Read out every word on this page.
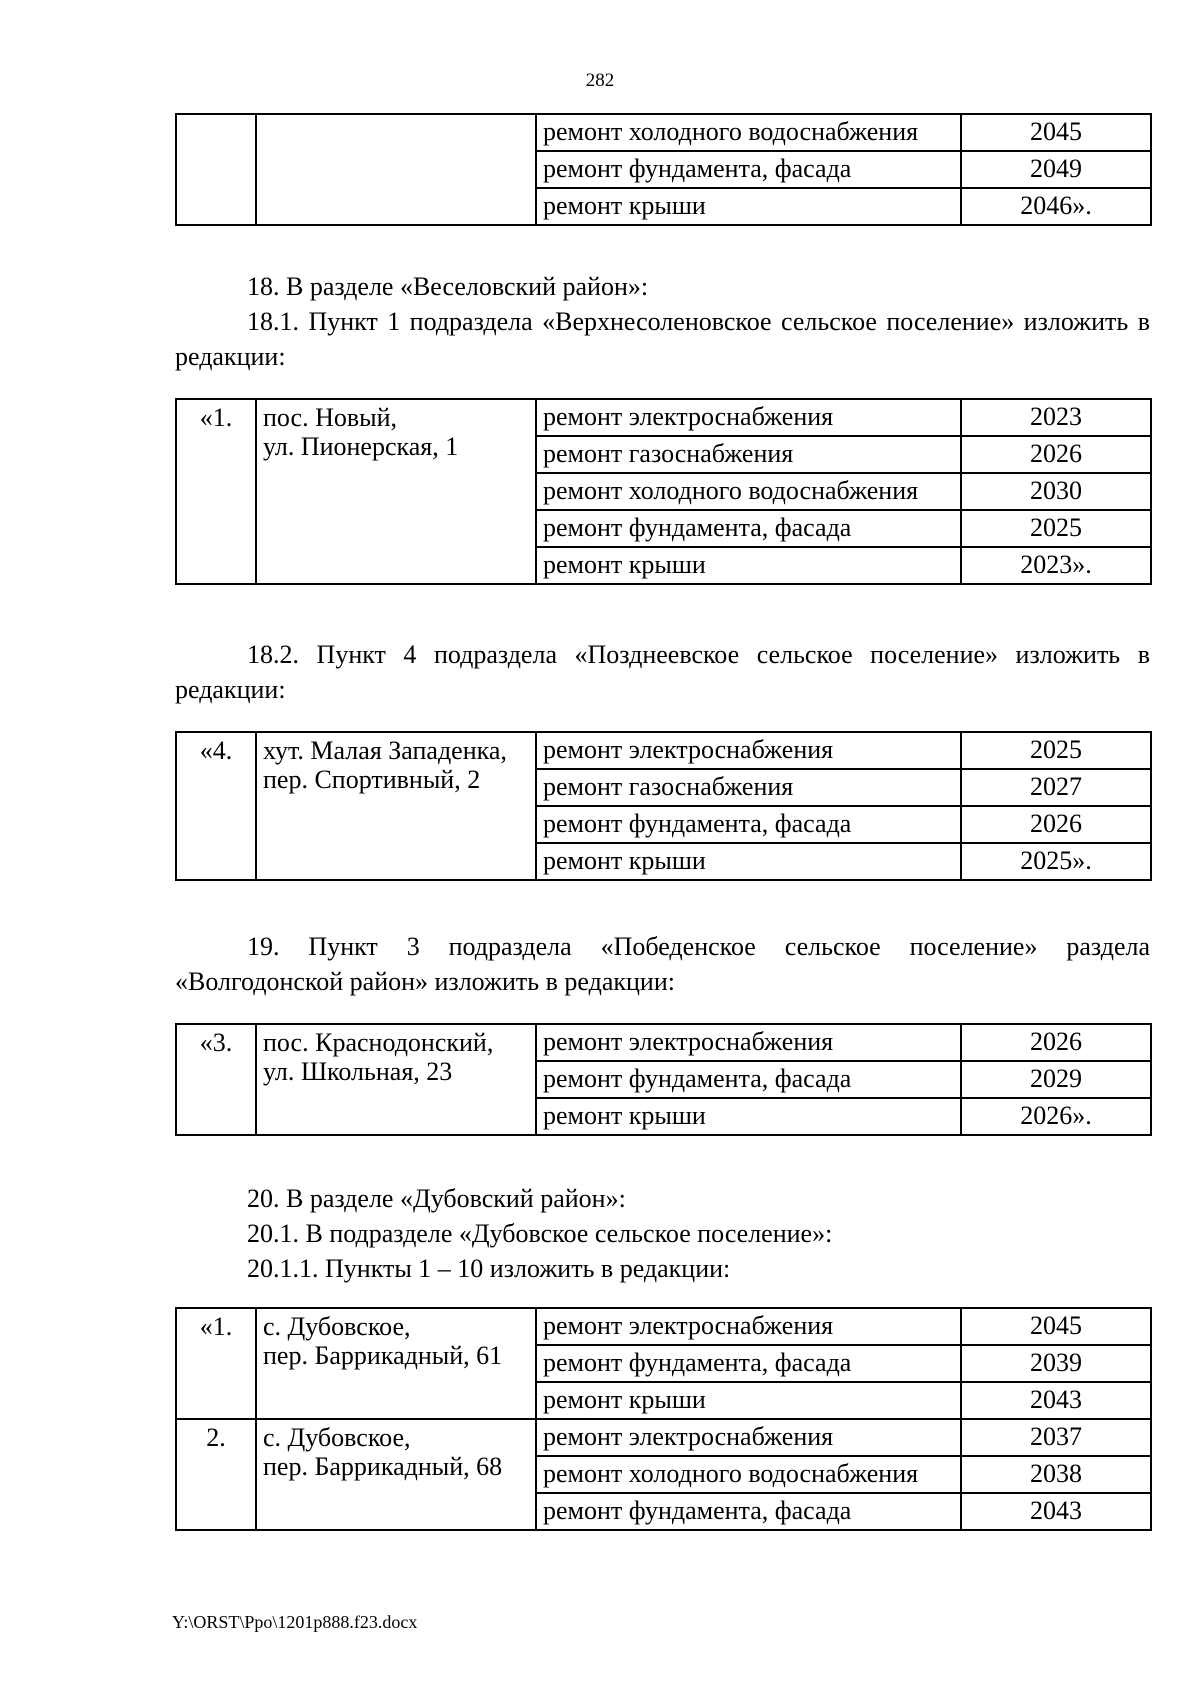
282
		ремонт холодного водоснабжения	2045
		ремонт фундамента, фасада	2049
		ремонт крыши	2046».

18. В разделе «Веселовский район»:

18.1. Пункт 1 подраздела «Верхнесоленовское сельское поселение» изложить в редакции:

«1.	пос. Новый,
ул. Пионерская, 1	ремонт электроснабжения	2023
		ремонт газоснабжения	2026
		ремонт холодного водоснабжения	2030
		ремонт фундамента, фасада	2025
		ремонт крыши	2023».

18.2. Пункт 4 подраздела «Позднеевское сельское поселение» изложить в редакции:

«4.	хут. Малая Западенка,
пер. Спортивный, 2	ремонт электроснабжения	2025
		ремонт газоснабжения	2027
		ремонт фундамента, фасада	2026
		ремонт крыши	2025».

19. Пункт 3 подраздела «Победенское сельское поселение» раздела «Волгодонской район» изложить в редакции:

«3.	пос. Краснодонский,
ул. Школьная, 23	ремонт электроснабжения	2026
		ремонт фундамента, фасада	2029
		ремонт крыши	2026».

20. В разделе «Дубовский район»:

20.1. В подразделе «Дубовское сельское поселение»:

20.1.1. Пункты 1 – 10 изложить в редакции:

«1.	с. Дубовское,
пер. Баррикадный, 61	ремонт электроснабжения	2045
		ремонт фундамента, фасада	2039
		ремонт крыши	2043
2.	с. Дубовское,
пер. Баррикадный, 68	ремонт электроснабжения	2037
		ремонт холодного водоснабжения	2038
		ремонт фундамента, фасада	2043
Y:\ORST\Ppo\1201p888.f23.docx
